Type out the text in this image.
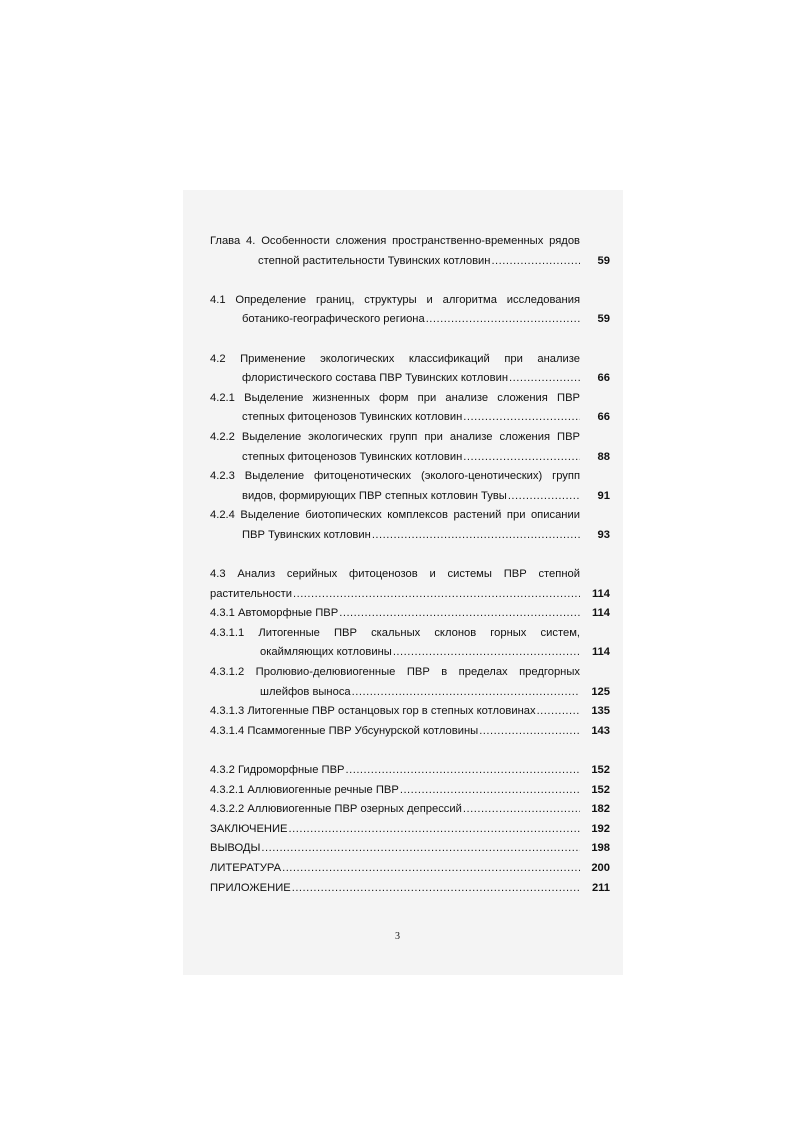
Глава 4. Особенности сложения пространственно-временных рядов
степной растительности Тувинских котловин .....	59
4.1 Определение границ, структуры и алгоритма исследования
ботанико-географического региона .....	59
4.2 Применение экологических классификаций при анализе
флористического состава ПВР Тувинских котловин .....	66
4.2.1 Выделение жизненных форм при анализе сложения ПВР
степных фитоценозов Тувинских котловин .....	66
4.2.2 Выделение экологических групп при анализе сложения ПВР
степных фитоценозов Тувинских котловин .....	88
4.2.3 Выделение фитоценотических (эколого-ценотических) групп
видов, формирующих ПВР степных котловин Тувы .....	91
4.2.4 Выделение биотопических комплексов растений при описании
ПВР Тувинских котловин .....	93
4.3 Анализ серийных фитоценозов и системы ПВР степной
растительности .....	114
4.3.1 Автоморфные ПВР .....	114
4.3.1.1 Литогенные ПВР скальных склонов горных систем,
окаймляющих котловины .....	114
4.3.1.2 Пролювио-делювиогенные ПВР в пределах предгорных
шлейфов выноса .....	125
4.3.1.3 Литогенные ПВР останцовых гор в степных котловинах .....	135
4.3.1.4 Псаммогенные ПВР Убсунурской котловины .....	143
4.3.2 Гидроморфные ПВР .....	152
4.3.2.1 Аллювиогенные речные ПВР .....	152
4.3.2.2 Аллювиогенные ПВР озерных депрессий .....	182
ЗАКЛЮЧЕНИЕ .....	192
ВЫВОДЫ .....	198
ЛИТЕРАТУРА .....	200
ПРИЛОЖЕНИЕ .....	211
3
